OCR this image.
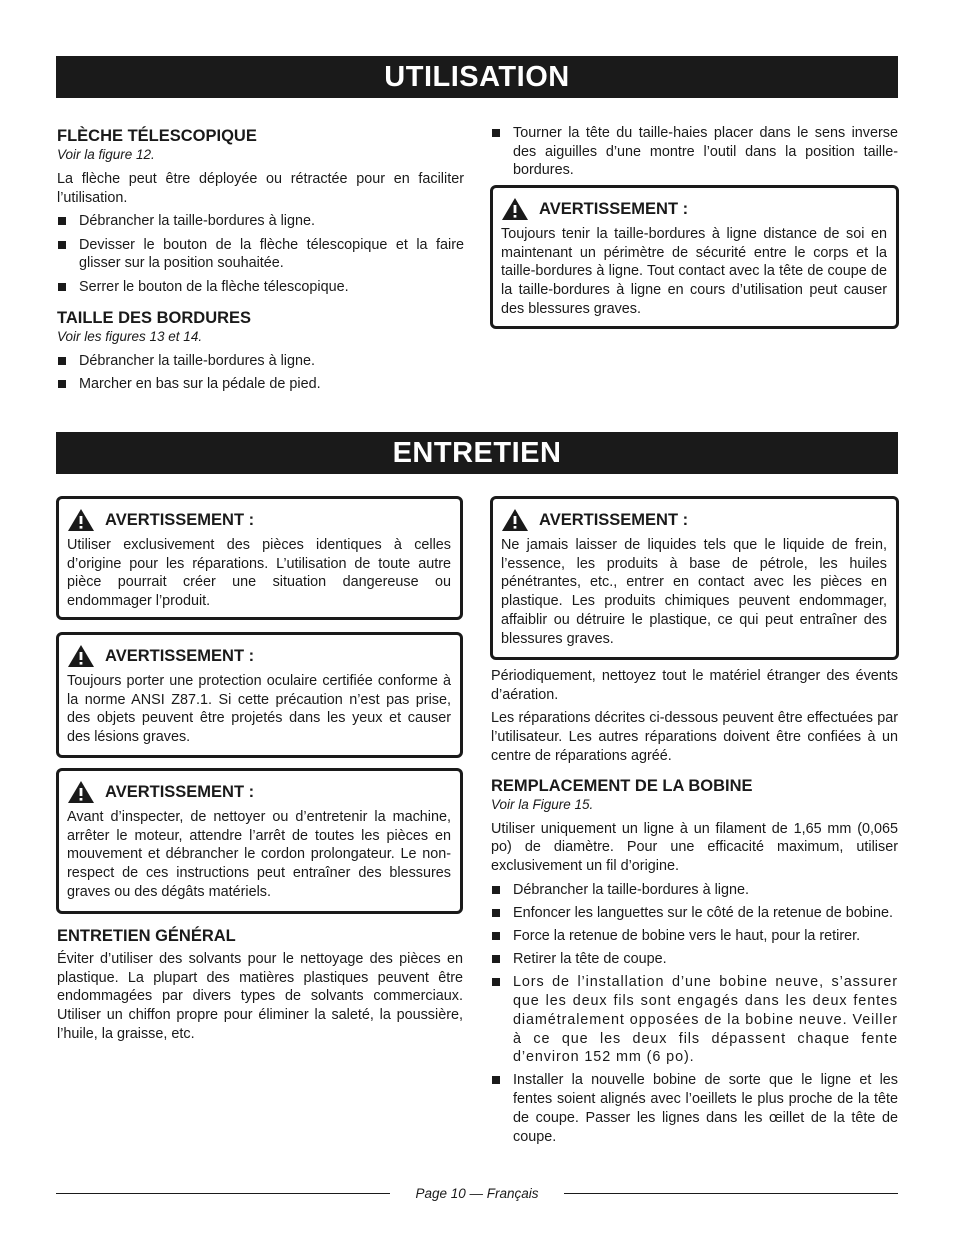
UTILISATION
FLÈCHE TÉLESCOPIQUE
Voir la figure 12.

La flèche peut être déployée ou rétractée pour en faciliter l’utilisation.

Débrancher la taille-bordures à ligne.
Devisser le bouton de la flèche télescopique et la faire glisser sur la position souhaitée.
Serrer le bouton de la flèche télescopique.
TAILLE DES BORDURES
Voir les figures 13 et 14.
Débrancher la taille-bordures à ligne.
Marcher en bas sur la pédale de pied.
Tourner la tête du taille-haies placer dans le sens inverse des aiguilles d’une montre l’outil dans la position taille-bordures.
AVERTISSEMENT :
Toujours tenir la taille-bordures à ligne distance de soi en maintenant un périmètre de sécurité entre le corps et la taille-bordures à ligne. Tout contact avec la tête de coupe de la taille-bordures à ligne en cours d’utilisation peut causer des blessures graves.
ENTRETIEN
AVERTISSEMENT :
Utiliser exclusivement des pièces identiques à celles d’origine pour les réparations. L’utilisation de toute autre pièce pourrait créer une situation dangereuse ou endommager l’produit.
AVERTISSEMENT :
Toujours porter une protection oculaire certifiée conforme à la norme ANSI Z87.1. Si cette précaution n’est pas prise, des objets peuvent être projetés dans les yeux et causer des lésions graves.
AVERTISSEMENT :
Avant d’inspecter, de nettoyer ou d’entretenir la machine, arrêter le moteur, attendre l’arrêt de toutes les pièces en mouvement et débrancher le cordon prolongateur. Le non-respect de ces instructions peut entraîner des blessures graves ou des dégâts matériels.
ENTRETIEN GÉNÉRAL

Éviter d’utiliser des solvants pour le nettoyage des pièces en plastique. La plupart des matières plastiques peuvent être endommagées par divers types de solvants commerciaux. Utiliser un chiffon propre pour éliminer la saleté, la poussière, l’huile, la graisse, etc.

AVERTISSEMENT :
Ne jamais laisser de liquides tels que le liquide de frein, l’essence, les produits à base de pétrole, les huiles pénétrantes, etc., entrer en contact avec les pièces en plastique. Les produits chimiques peuvent endommager, affaiblir ou détruire le plastique, ce qui peut entraîner des blessures graves.

Périodiquement, nettoyez tout le matériel étranger des évents d’aération.

Les réparations décrites ci-dessous peuvent être effectuées par l’utilisateur. Les autres réparations doivent être confiées à un centre de réparations agréé.

REMPLACEMENT DE LA BOBINE
Voir la Figure 15.

Utiliser uniquement un ligne à un filament de 1,65 mm (0,065 po) de diamètre. Pour une efficacité maximum, utiliser exclusivement un fil d’origine.

Débrancher la taille-bordures à ligne.
Enfoncer les languettes sur le côté de la retenue de bobine.
Force la retenue de bobine vers le haut, pour la retirer.
Retirer la tête de coupe.
Lors de l’installation d’une bobine neuve, s’assurer que les deux fils sont engagés dans les deux fentes diamétralement opposées de la bobine neuve. Veiller à ce que les deux fils dépassent chaque fente d’environ 152 mm (6 po).
Installer la nouvelle bobine de sorte que le ligne et les fentes soient alignés avec l’oeillets le plus proche de la tête de coupe. Passer les lignes dans les œillet de la tête de coupe.
Page 10 — Français
